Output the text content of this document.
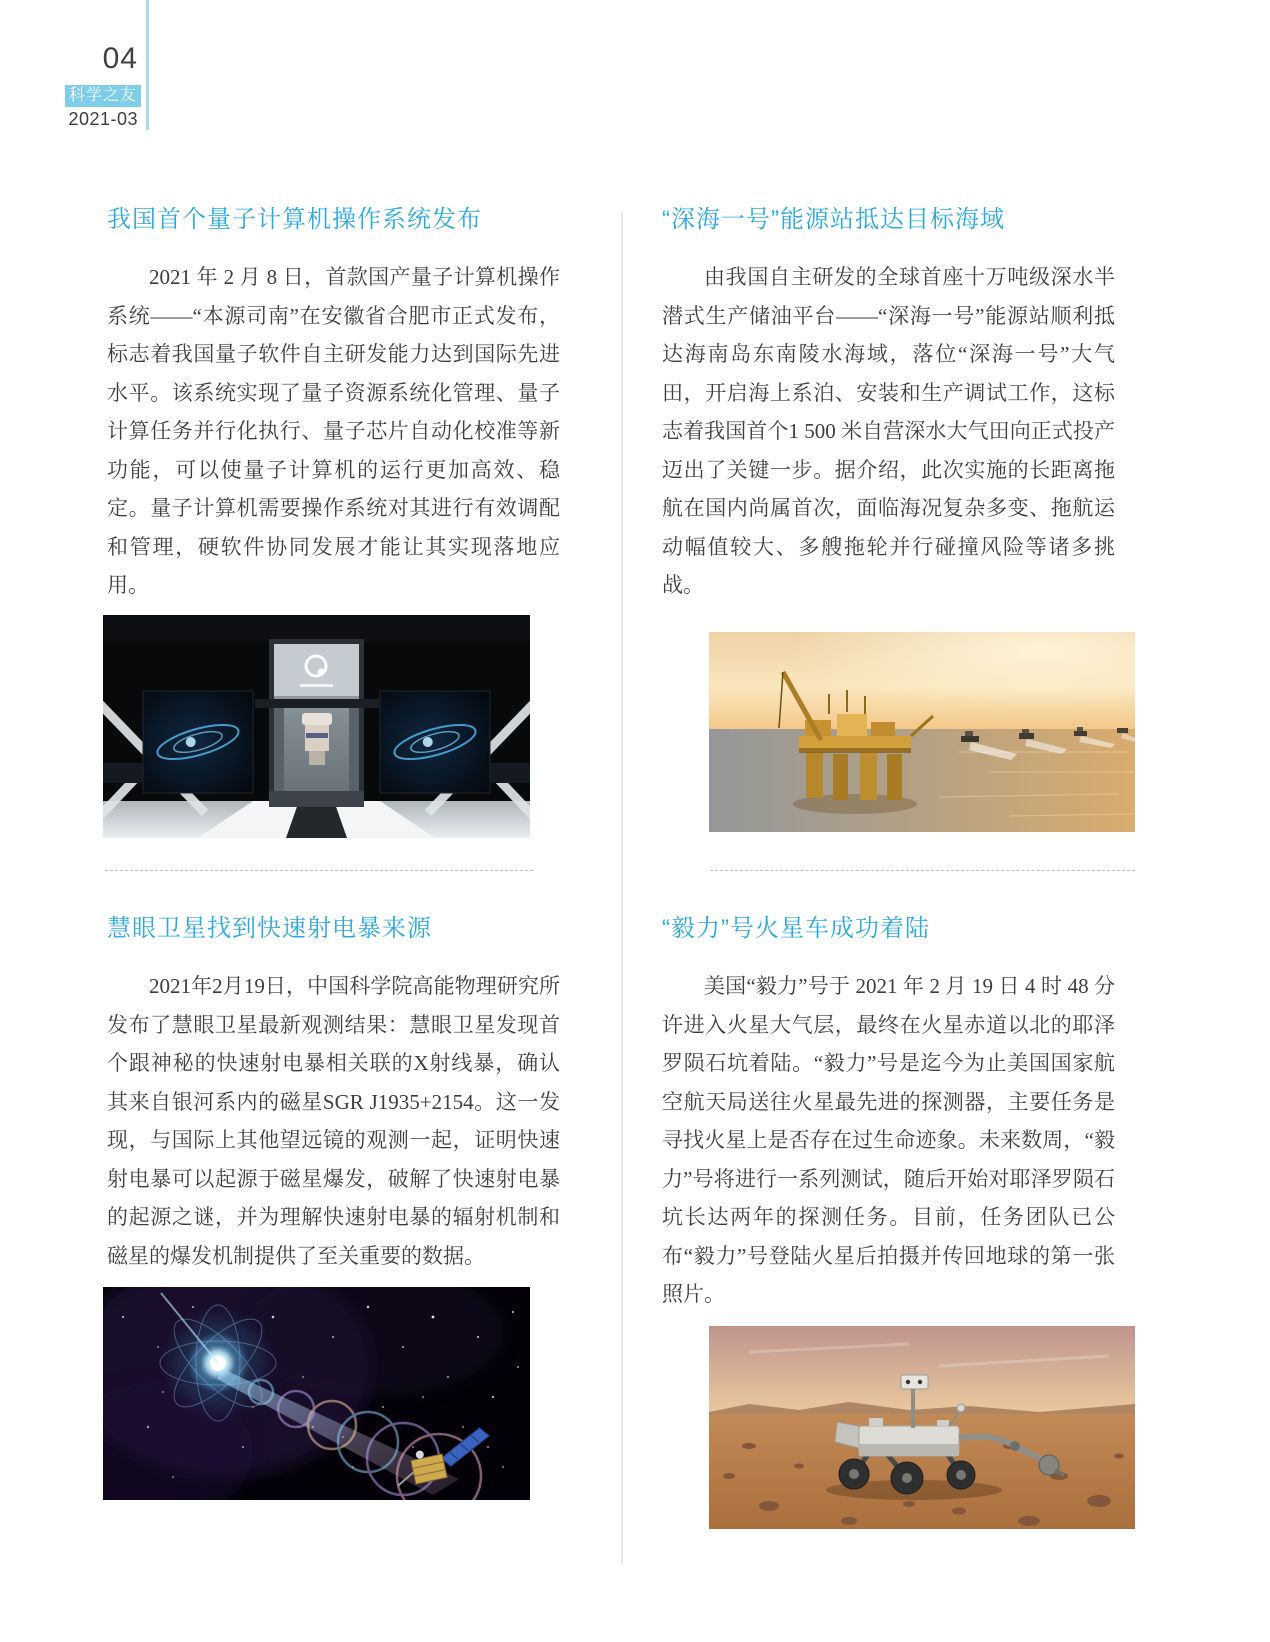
04
科学之友
2021-03
我国首个量子计算机操作系统发布

2021 年 2 月 8 日，首款国产量子计算机操作系统——“本源司南”在安徽省合肥市正式发布，标志着我国量子软件自主研发能力达到国际先进水平。该系统实现了量子资源系统化管理、量子计算任务并行化执行、量子芯片自动化校准等新功能，可以使量子计算机的运行更加高效、稳定。量子计算机需要操作系统对其进行有效调配和管理，硬软件协同发展才能让其实现落地应用。

“深海一号”能源站抵达目标海域

由我国自主研发的全球首座十万吨级深水半潜式生产储油平台——“深海一号”能源站顺利抵达海南岛东南陵水海域，落位“深海一号”大气田，开启海上系泊、安装和生产调试工作，这标志着我国首个1 500 米自营深水大气田向正式投产迈出了关键一步。据介绍，此次实施的长距离拖航在国内尚属首次，面临海况复杂多变、拖航运动幅值较大、多艘拖轮并行碰撞风险等诸多挑战。

慧眼卫星找到快速射电暴来源

2021年2月19日，中国科学院高能物理研究所发布了慧眼卫星最新观测结果：慧眼卫星发现首个跟神秘的快速射电暴相关联的X射线暴，确认其来自银河系内的磁星SGR J1935+2154。这一发现，与国际上其他望远镜的观测一起，证明快速射电暴可以起源于磁星爆发，破解了快速射电暴的起源之谜，并为理解快速射电暴的辐射机制和磁星的爆发机制提供了至关重要的数据。

“毅力”号火星车成功着陆

美国“毅力”号于 2021 年 2 月 19 日 4 时 48 分许进入火星大气层，最终在火星赤道以北的耶泽罗陨石坑着陆。“毅力”号是迄今为止美国国家航空航天局送往火星最先进的探测器，主要任务是寻找火星上是否存在过生命迹象。未来数周，“毅力”号将进行一系列测试，随后开始对耶泽罗陨石坑长达两年的探测任务。目前，任务团队已公布“毅力”号登陆火星后拍摄并传回地球的第一张照片。
